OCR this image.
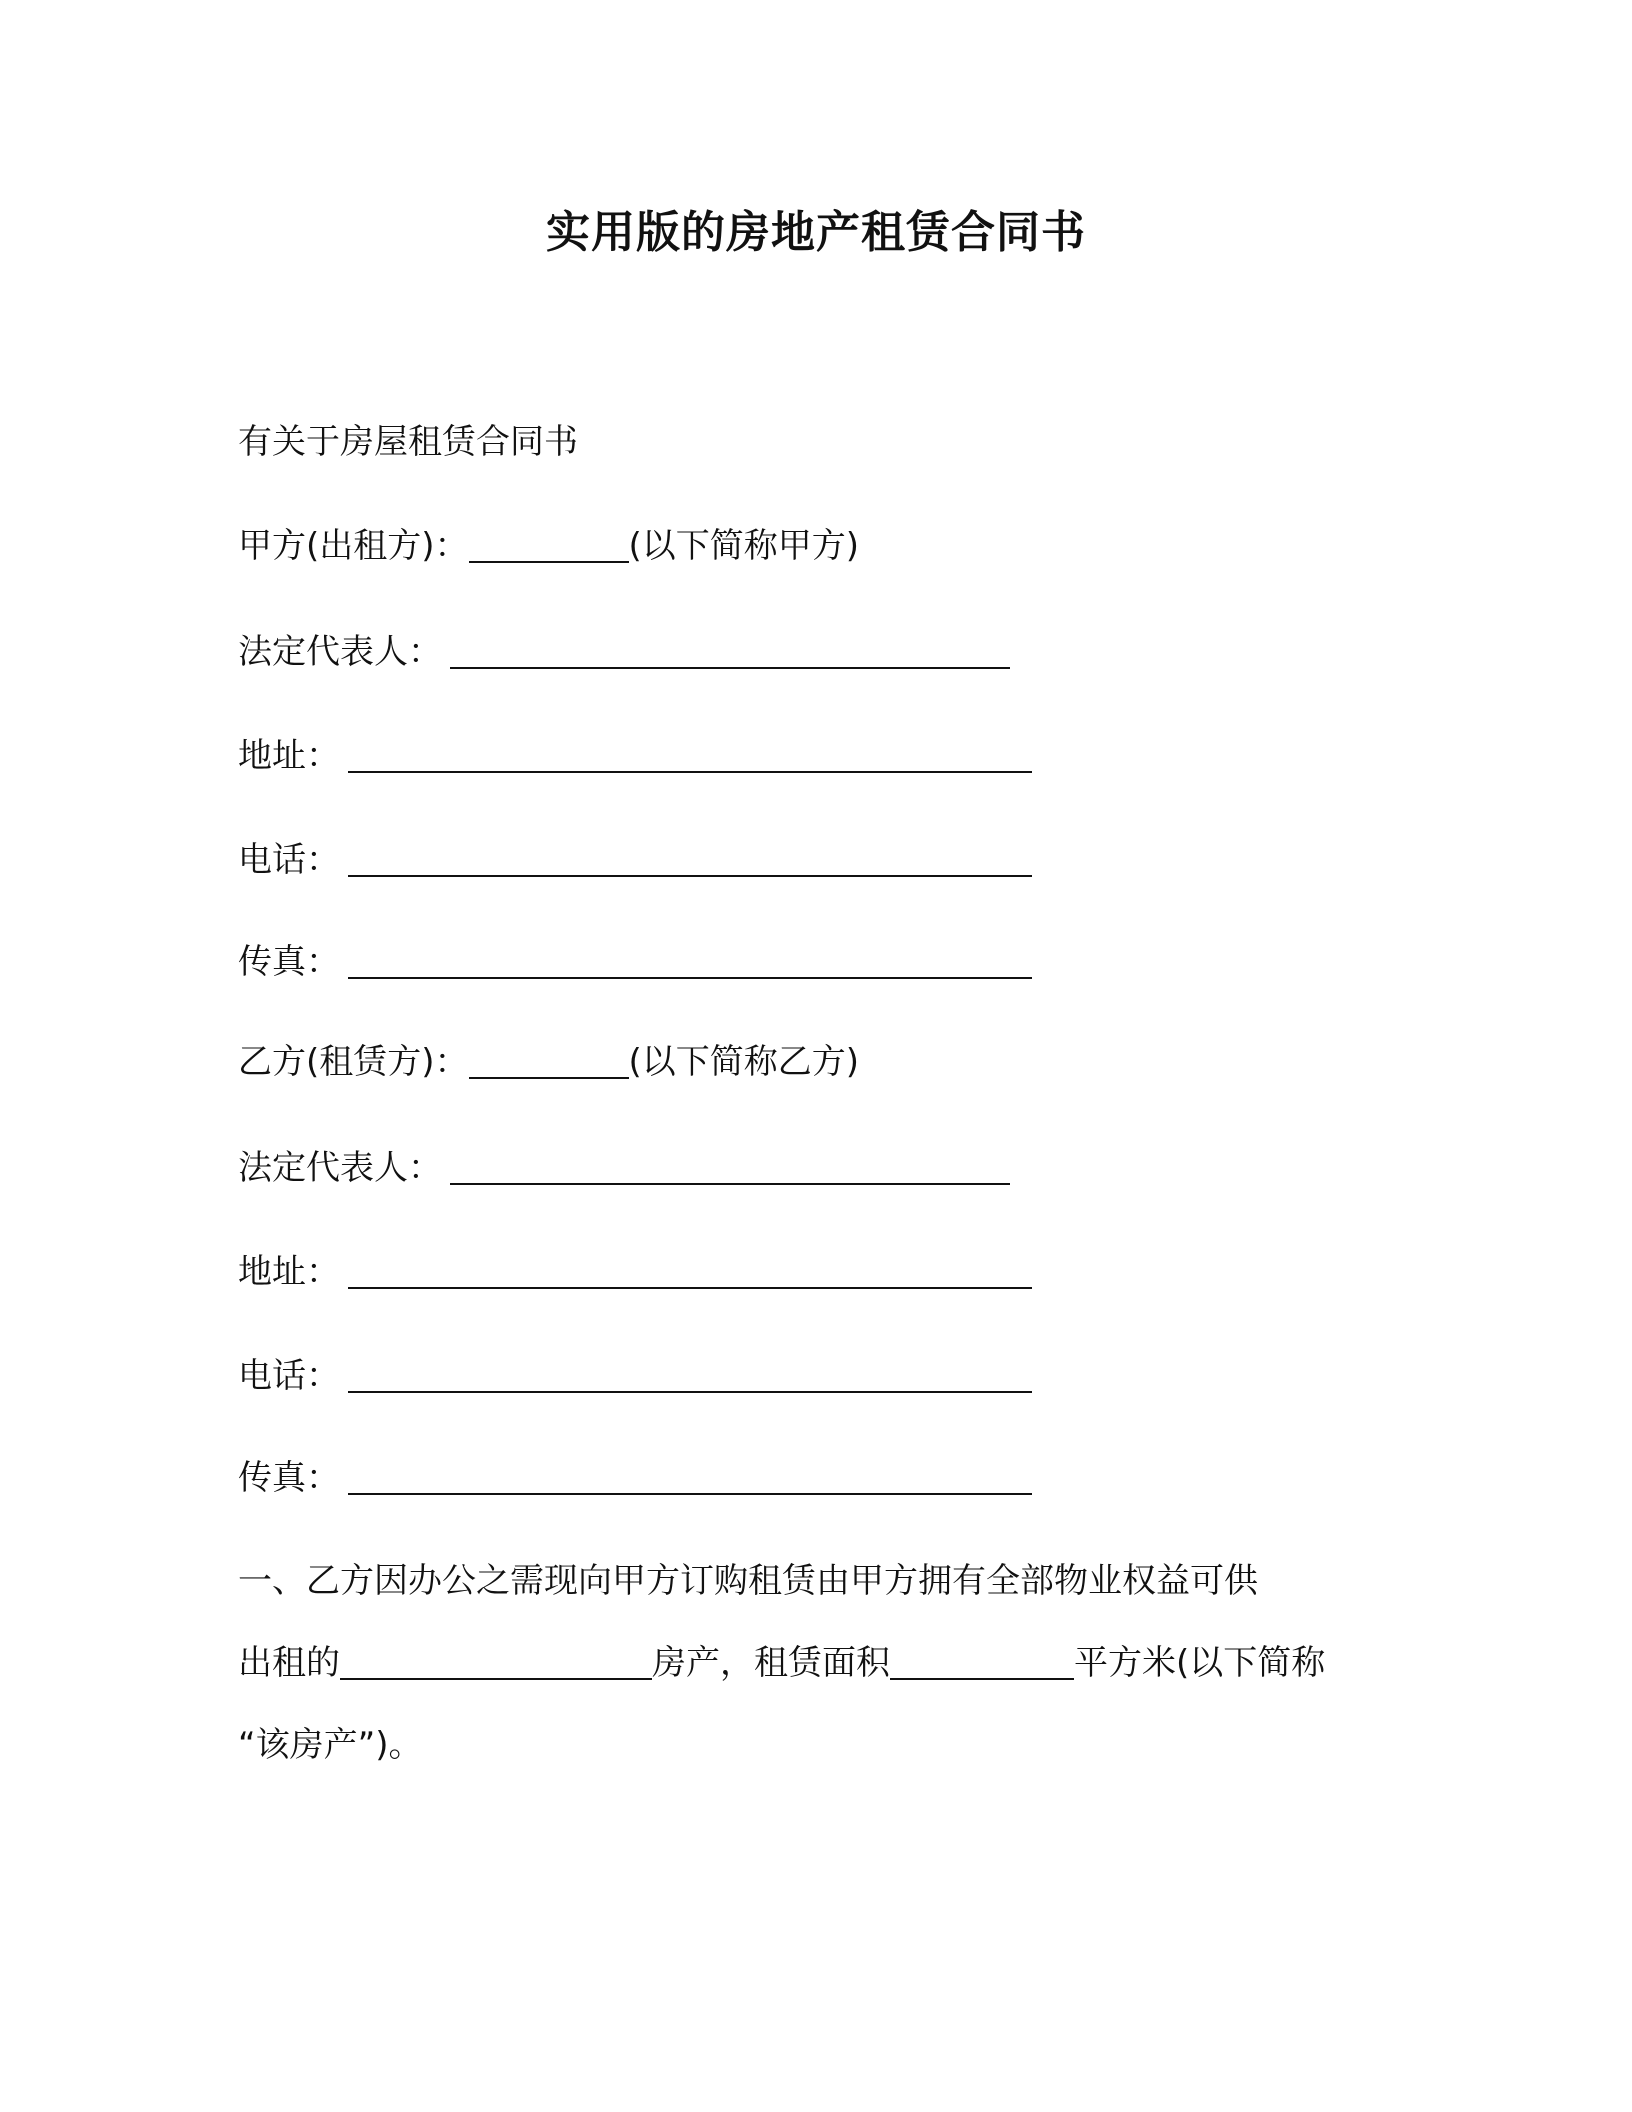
实用版的房地产租赁合同书
有关于房屋租赁合同书
甲方(出租方)：	(以下简称甲方)
法定代表人：
地址：
电话：
传真：
乙方(租赁方)：	(以下简称乙方)
法定代表人：
地址：
电话：
传真：
一、乙方因办公之需现向甲方订购租赁由甲方拥有全部物业权益可供
出租的	房产，租赁面积	平方米(以下简称
“该房产”)。
